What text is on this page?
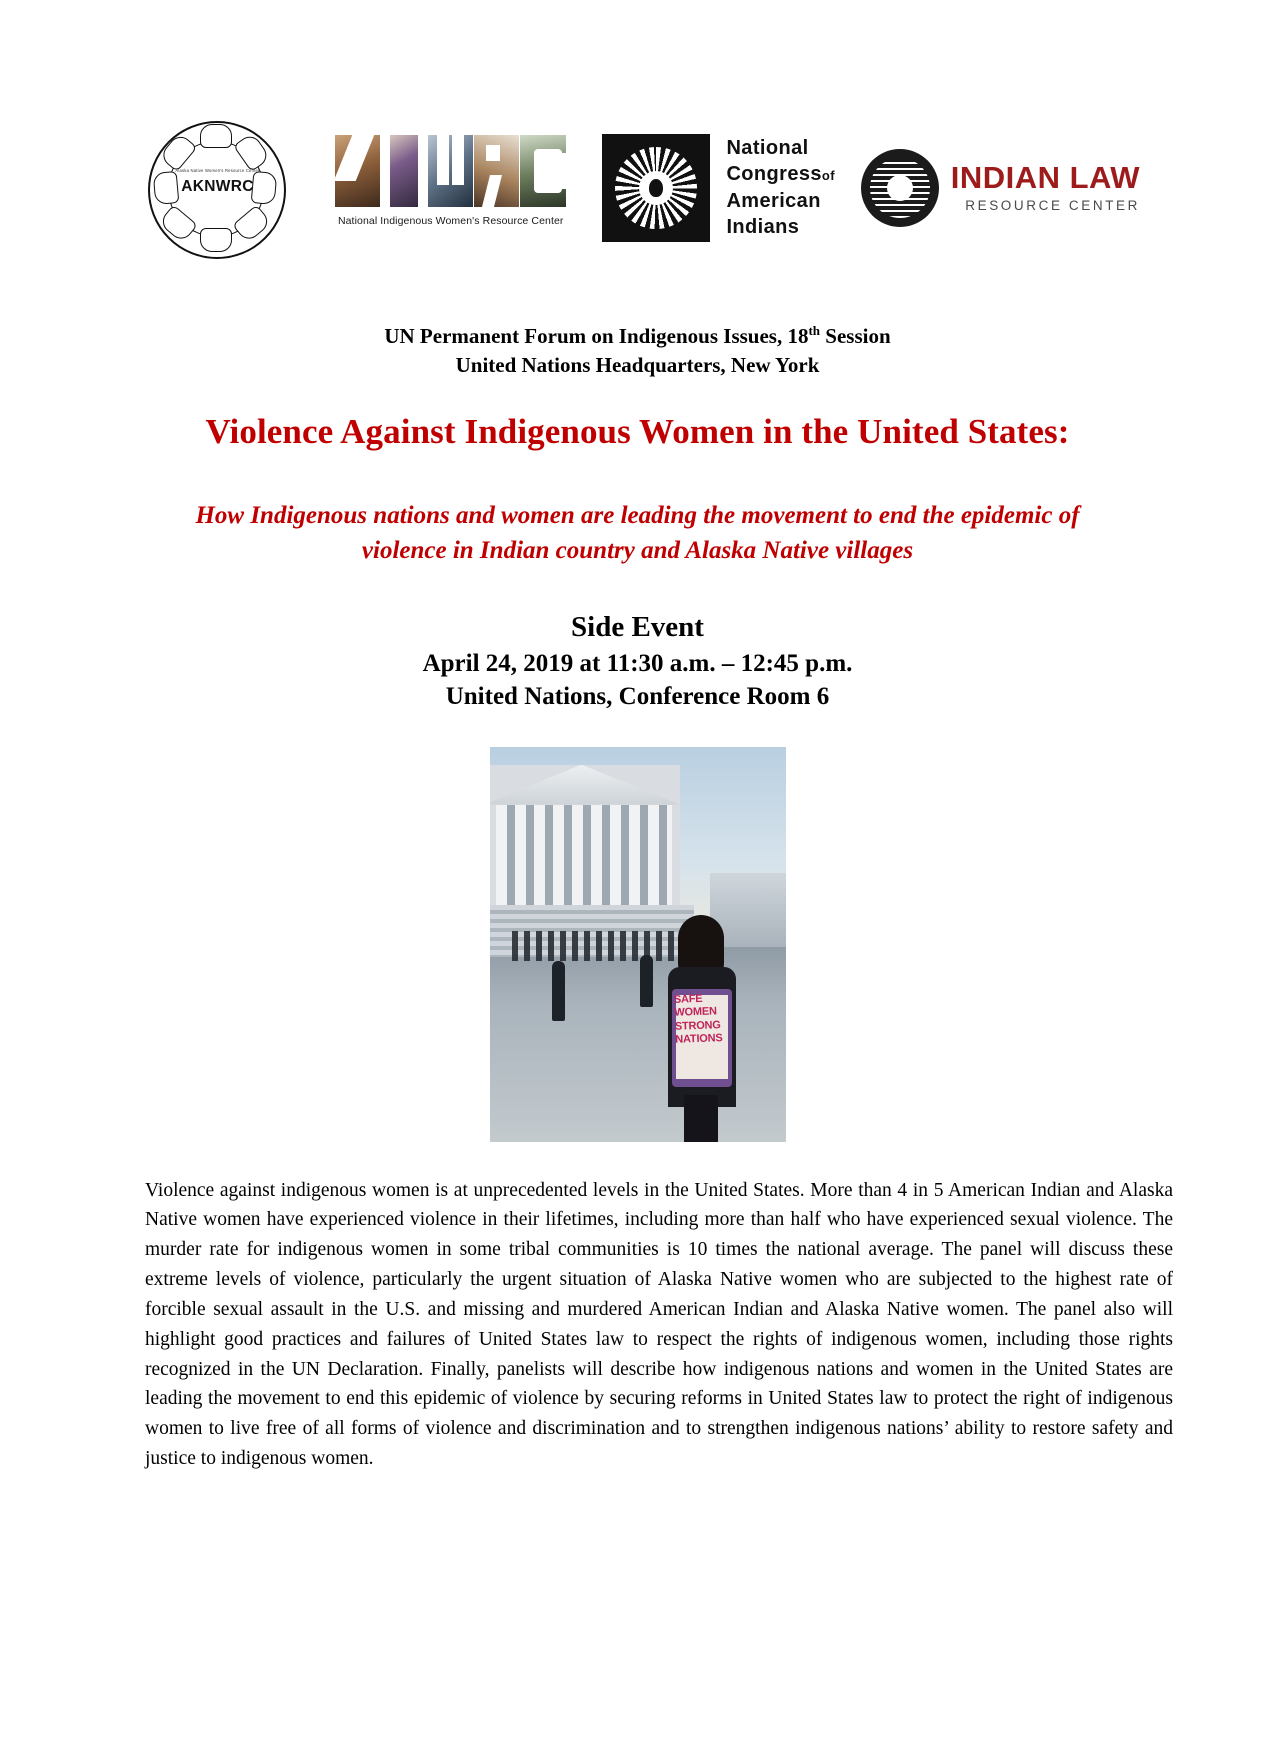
Alaska Native Women's Resource Center
AKNWRC
National Indigenous Women's Resource Center
National
Congressof
American
Indians
INDIAN LAW
RESOURCE CENTER
UN Permanent Forum on Indigenous Issues, 18th Session
United Nations Headquarters, New York
Violence Against Indigenous Women in the United States:
How Indigenous nations and women are leading the movement to end the epidemic of violence in Indian country and Alaska Native villages
Side Event
April 24, 2019 at 11:30 a.m. – 12:45 p.m.
United Nations, Conference Room 6
SAFE
WOMEN
STRONG
NATIONS
Violence against indigenous women is at unprecedented levels in the United States. More than 4 in 5 American Indian and Alaska Native women have experienced violence in their lifetimes, including more than half who have experienced sexual violence. The murder rate for indigenous women in some tribal communities is 10 times the national average. The panel will discuss these extreme levels of violence, particularly the urgent situation of Alaska Native women who are subjected to the highest rate of forcible sexual assault in the U.S. and missing and murdered American Indian and Alaska Native women. The panel also will highlight good practices and failures of United States law to respect the rights of indigenous women, including those rights recognized in the UN Declaration. Finally, panelists will describe how indigenous nations and women in the United States are leading the movement to end this epidemic of violence by securing reforms in United States law to protect the right of indigenous women to live free of all forms of violence and discrimination and to strengthen indigenous nations’ ability to restore safety and justice to indigenous women.
